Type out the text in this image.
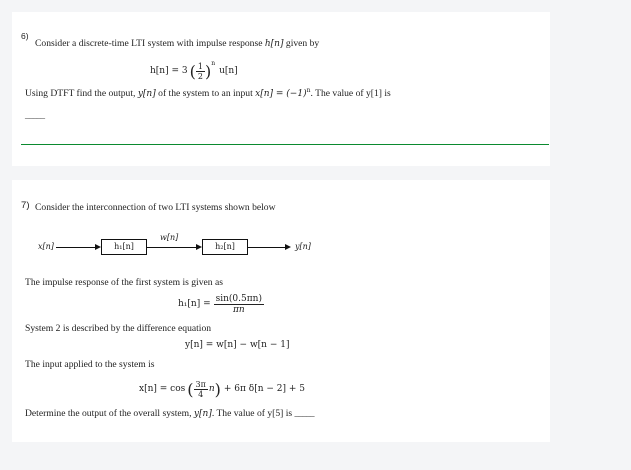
6)
Consider a discrete-time LTI system with impulse response h[n] given by
h[n] = 3 ( $\frac{1}{2}$ ) n
u[n]
Using DTFT find the output, y[n] of the system to an input $x[n] = (-1)^n$. The value of y[1] is
_____
7) Consider the interconnection of two LTI systems shown below
x[n]	h₁[n]
w[n]
h₂[n]	y[n]
The impulse response of the first system is given as
$h_1[n] = \frac{\sin(0.5\pi n)}{\pi n}$
System 2 is described by the difference equation
y[n] = w[n] − w[n − 1]
The input applied to the system is
x[n] = cos ( $\frac{3\pi}{4}$ n ) + 6π δ[n − 2] + 5
Determine the output of the overall system, y[n]. The value of y[5] is _____
